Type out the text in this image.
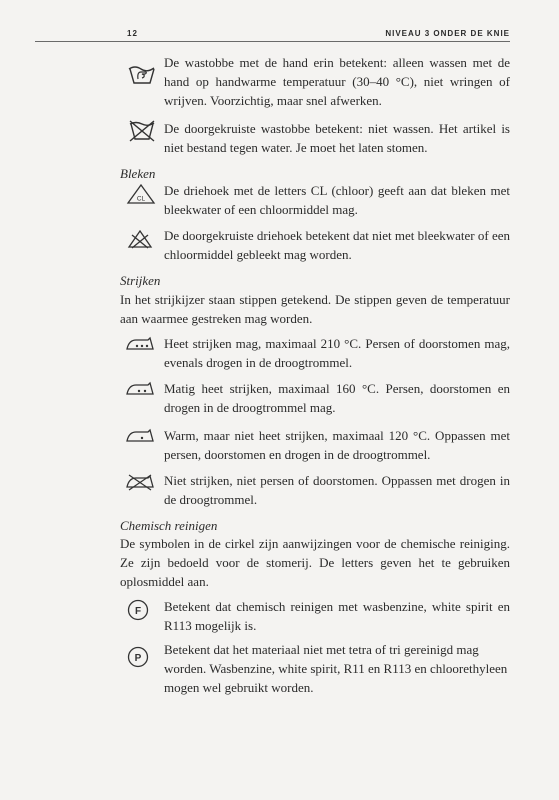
12	NIVEAU 3 ONDER DE KNIE
De wastobbe met de hand erin betekent: alleen wassen met de hand op handwarme temperatuur (30–40 °C), niet wringen of wrijven. Voorzichtig, maar snel afwerken.
De doorgekruiste wastobbe betekent: niet wassen. Het artikel is niet bestand tegen water. Je moet het laten stomen.
Bleken
CL
De driehoek met de letters CL (chloor) geeft aan dat bleken met bleekwater of een chloormiddel mag.
De doorgekruiste driehoek betekent dat niet met bleekwater of een chloormiddel gebleekt mag worden.
Strijken
In het strijkijzer staan stippen getekend. De stippen geven de temperatuur aan waarmee gestreken mag worden.
Heet strijken mag, maximaal 210 °C. Persen of doorstomen mag, evenals drogen in de droogtrommel.
Matig heet strijken, maximaal 160 °C. Persen, doorstomen en drogen in de droogtrommel mag.
Warm, maar niet heet strijken, maximaal 120 °C. Oppassen met persen, doorstomen en drogen in de droogtrommel.
Niet strijken, niet persen of doorstomen. Oppassen met drogen in de droogtrommel.
Chemisch reinigen
De symbolen in de cirkel zijn aanwijzingen voor de chemische reiniging. Ze zijn bedoeld voor de stomerij. De letters geven het te gebruiken oplosmiddel aan.
F Betekent dat chemisch reinigen met wasbenzine, white spirit en R113 mogelijk is.
P
Betekent dat het materiaal niet met tetra of tri gereinigd mag worden. Wasbenzine, white spirit, R11 en R113 en chloorethyleen mogen wel gebruikt worden.
